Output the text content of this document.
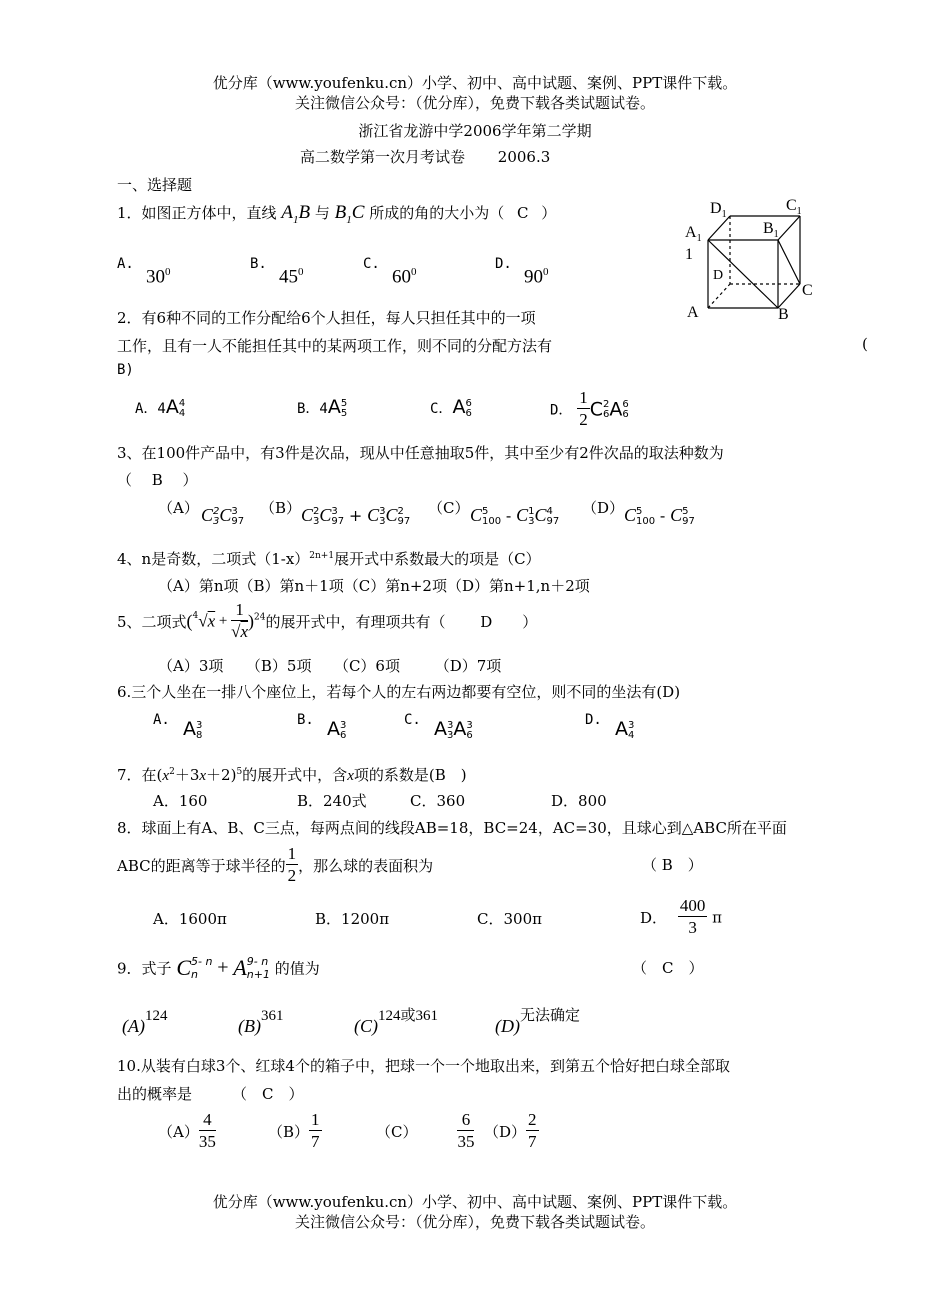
优分库（www.youfenku.cn）小学、初中、高中试题、案例、PPT课件下载。
关注微信公众号：（优分库），免费下载各类试题试卷。
浙江省龙游中学2006学年第二学期
高二数学第一次月考试卷 2006.3
一、选择题
1．如图正方体中，直线 $A_1B$ 与 $B_1C$ 所成的角的大小为（ C ）
A.
$30^0$	B.
$45^0$	C.
$60^0$	D.
$90^0$
$D_1$
$C_1$
$A_1$
$B_1$
1
D
C
A	B
2．有6种不同的工作分配给6个人担任，每人只担任其中的一项
工作，且有一人不能担任其中的某两项工作，则不同的分配方法有	(
B)
A．4A4
4	B．4A5
5	C．A6
6	D． $\frac{1}{2} C2$
6A6
6
3、在100件产品中，有3件是次品，现从中任意抽取5件，其中至少有2件次品的取法种数为
（　 B　 ）
（A） C2
3C3
97
（B） C2
3C3
97 + C3
3C2
97
（C） C5
100 - C1
3C4
97
（D） C5
100 - C5
97
4、n是奇数，二项式$(1-x)^{2n+1}$展开式中系数最大的项是（C）
（A）第n项（B）第n＋1项（C）第n+2项（D）第n+1,n＋2项
5、二项式$(^4√x + \frac{1}{√x} )^{24}$的展开式中，有理项共有（　　 D　　）
（A）3项　　（B）5项　　（C）6项　　 （D）7项
6.三个人坐在一排八个座位上，若每个人的左右两边都要有空位，则不同的坐法有(D)
A. A3
8
B. A3
6
C. A3
3A3
6
D. A3
4
7．在$(x^2+3x+2)^5$的展开式中，含x项的系数是(B　)
A．160	B．240式	C．360	D．800
8．球面上有A、B、C三点，每两点间的线段AB=18，BC=24，AC=30，且球心到△ABC所在平面
ABC的距离等于球半径的 $\frac{1}{2}$ ，那么球的表面积为	（ B　）
A．1600π	B．1200π	C．300π	D． $\frac{400}{3}$ π
9．式子 C5- n
n + A9- n
n+1 的值为	（　C　）
(A)124	(B)361	(C)124或361	(D)无法确定
10.从装有白球3个、红球4个的箱子中，把球一个一个地取出来，到第五个恰好把白球全部取
出的概率是	（　C　）
$(A) \frac{4}{35}$	$(B) \frac{1}{7}$	$(C) \frac{6}{35} (D) \frac{2}{7}$
优分库（www.youfenku.cn）小学、初中、高中试题、案例、PPT课件下载。
关注微信公众号：（优分库），免费下载各类试题试卷。
